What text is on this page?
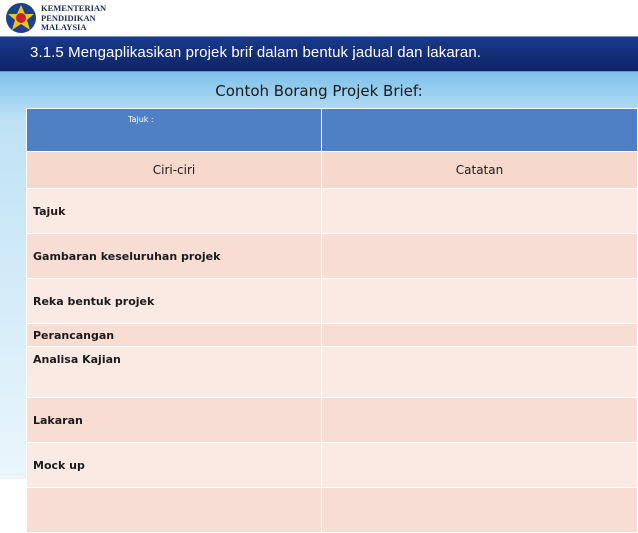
KEMENTERIAN
PENDIDIKAN
MALAYSIA
3.1.5 Mengaplikasikan projek brif dalam bentuk jadual dan lakaran.
Contoh Borang Projek Brief:
Tajuk :	
Ciri-ciri	Catatan
Tajuk	
Gambaran keseluruhan projek	
Reka bentuk projek	
Perancangan	
Analisa Kajian	
Lakaran	
Mock up	
